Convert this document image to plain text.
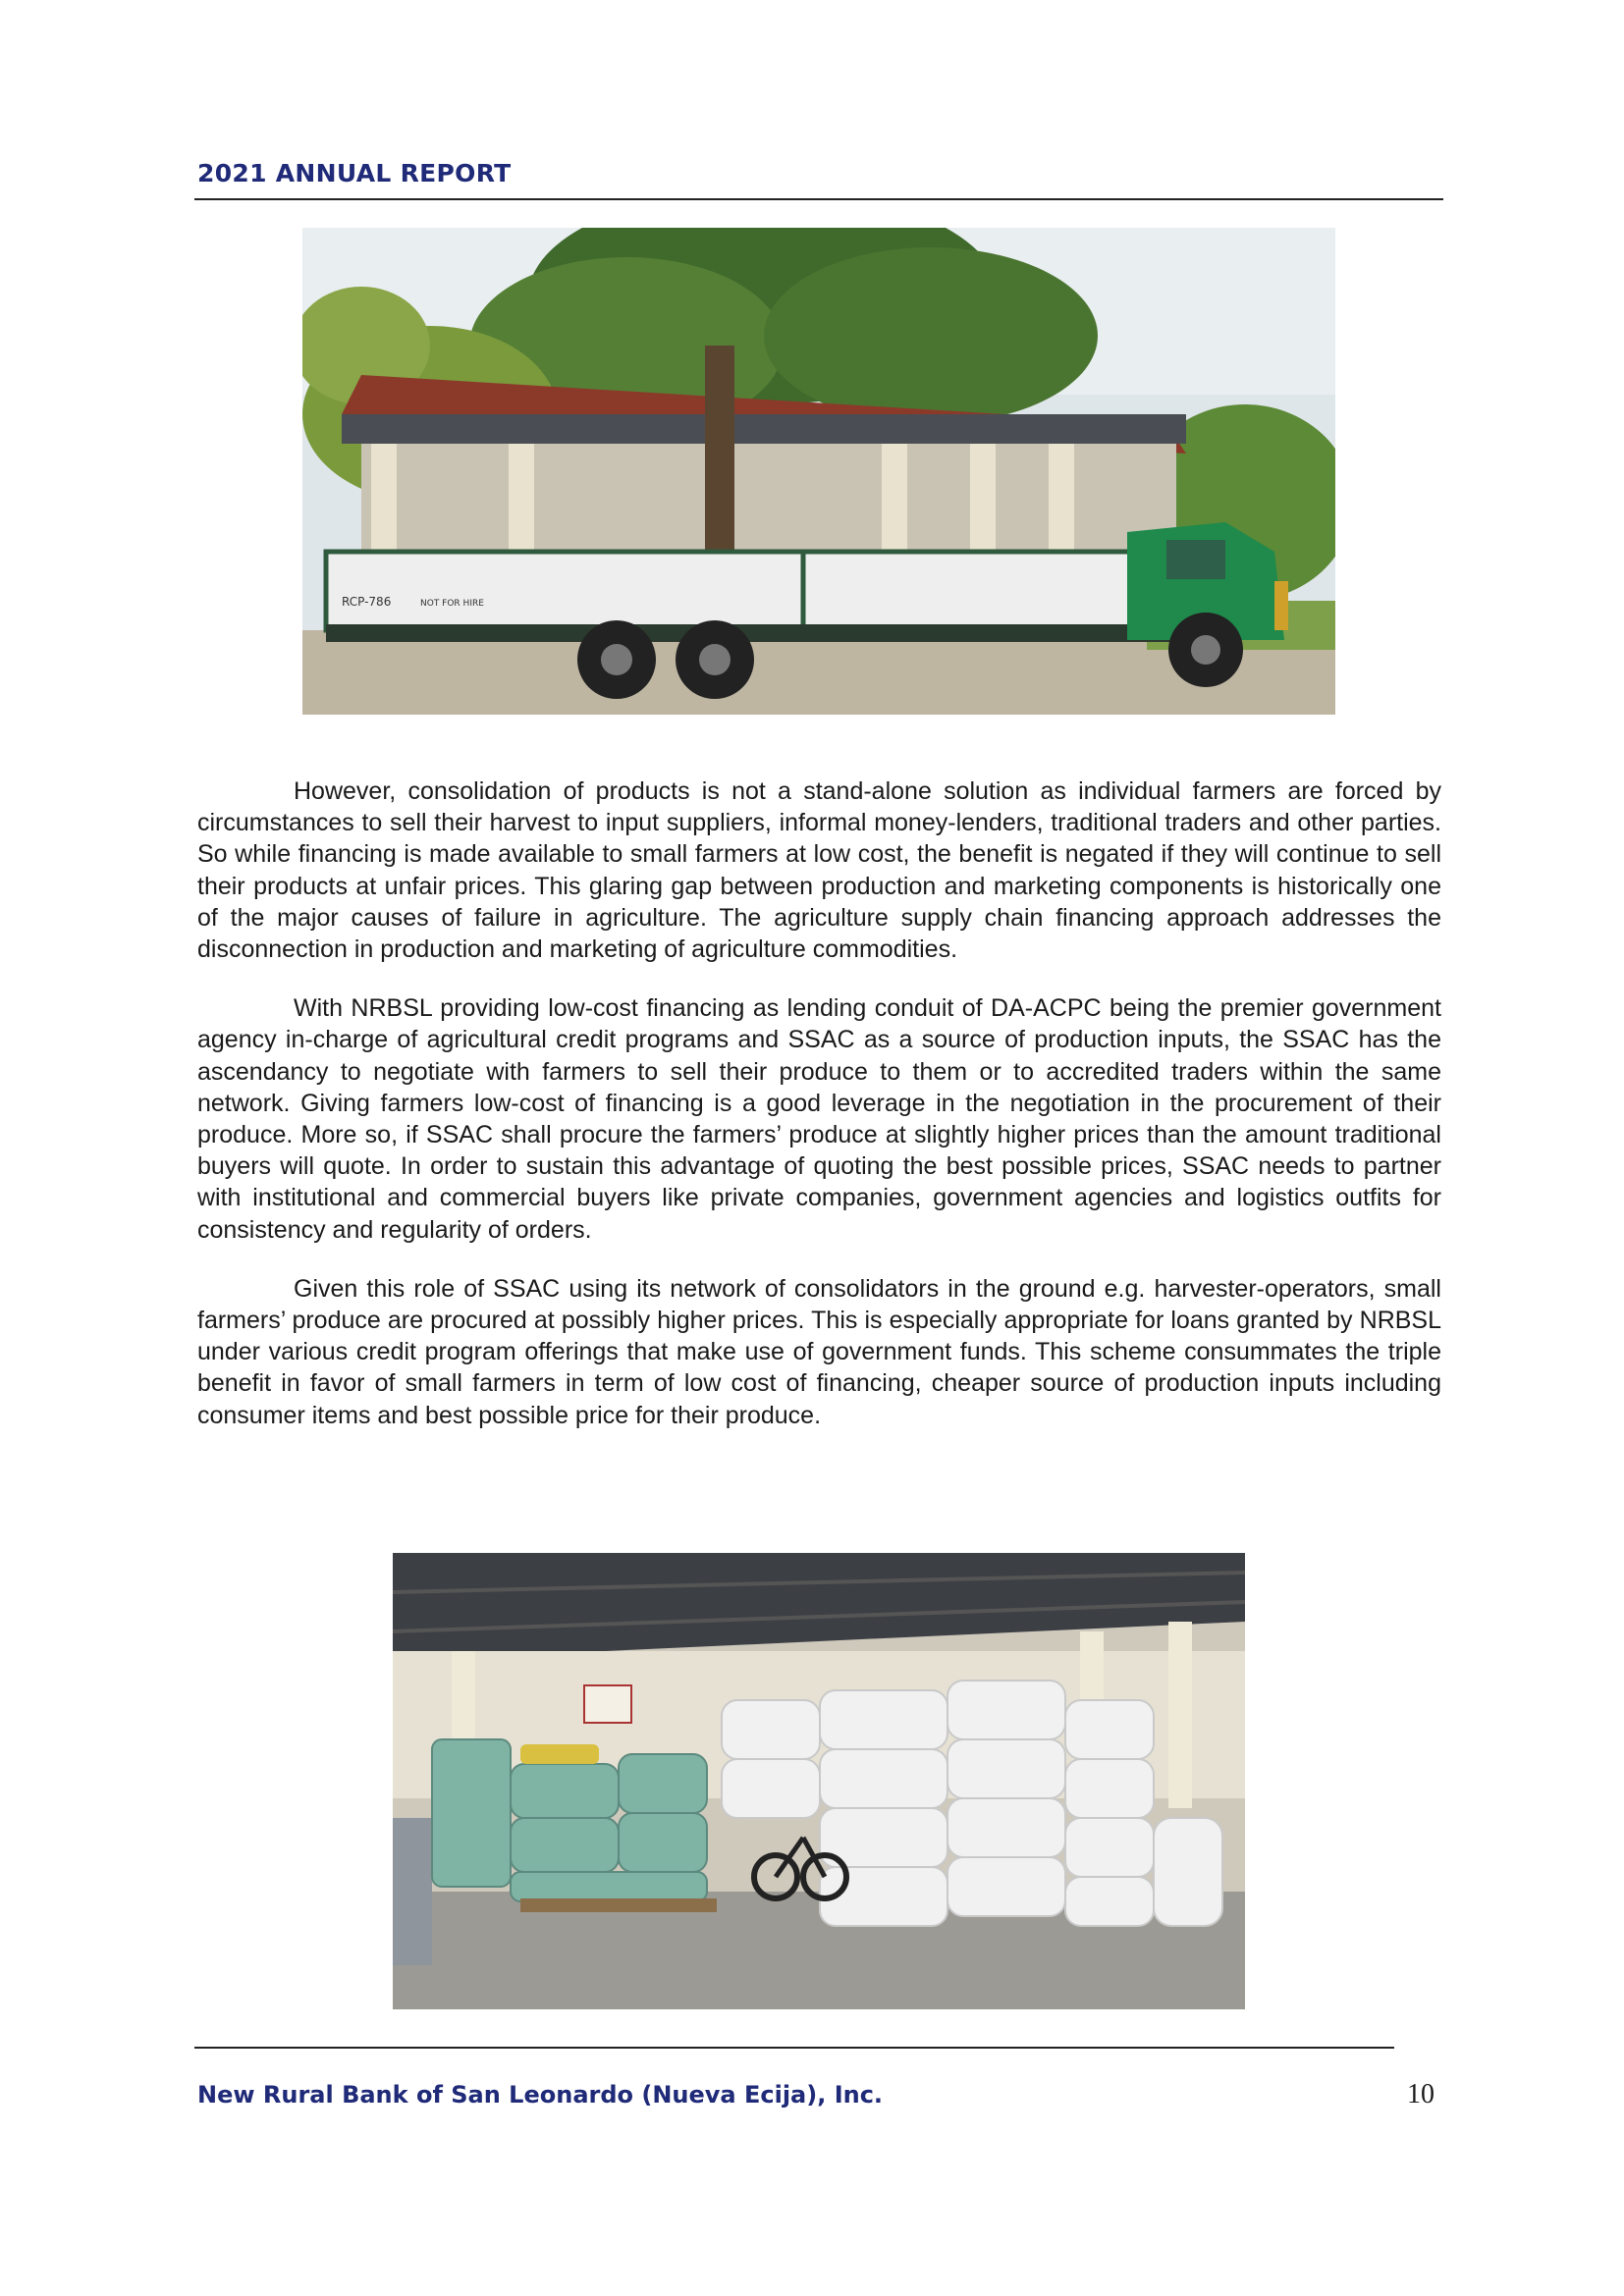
2021 ANNUAL REPORT
RCP-786	NOT FOR HIRE

However, consolidation of products is not a stand-alone solution as individual farmers are forced by circumstances to sell their harvest to input suppliers, informal money-lenders, traditional traders and other parties. So while financing is made available to small farmers at low cost, the benefit is negated if they will continue to sell their products at unfair prices. This glaring gap between production and marketing components is historically one of the major causes of failure in agriculture. The agriculture supply chain financing approach addresses the disconnection in production and marketing of agriculture commodities.

With NRBSL providing low-cost financing as lending conduit of DA-ACPC being the premier government agency in-charge of agricultural credit programs and SSAC as a source of production inputs, the SSAC has the ascendancy to negotiate with farmers to sell their produce to them or to accredited traders within the same network. Giving farmers low-cost of financing is a good leverage in the negotiation in the procurement of their produce. More so, if SSAC shall procure the farmers’ produce at slightly higher prices than the amount traditional buyers will quote. In order to sustain this advantage of quoting the best possible prices, SSAC needs to partner with institutional and commercial buyers like private companies, government agencies and logistics outfits for consistency and regularity of orders.

Given this role of SSAC using its network of consolidators in the ground e.g. harvester-operators, small farmers’ produce are procured at possibly higher prices. This is especially appropriate for loans granted by NRBSL under various credit program offerings that make use of government funds. This scheme consummates the triple benefit in favor of small farmers in term of low cost of financing, cheaper source of production inputs including consumer items and best possible price for their produce.

New Rural Bank of San Leonardo (Nueva Ecija), Inc.	10
